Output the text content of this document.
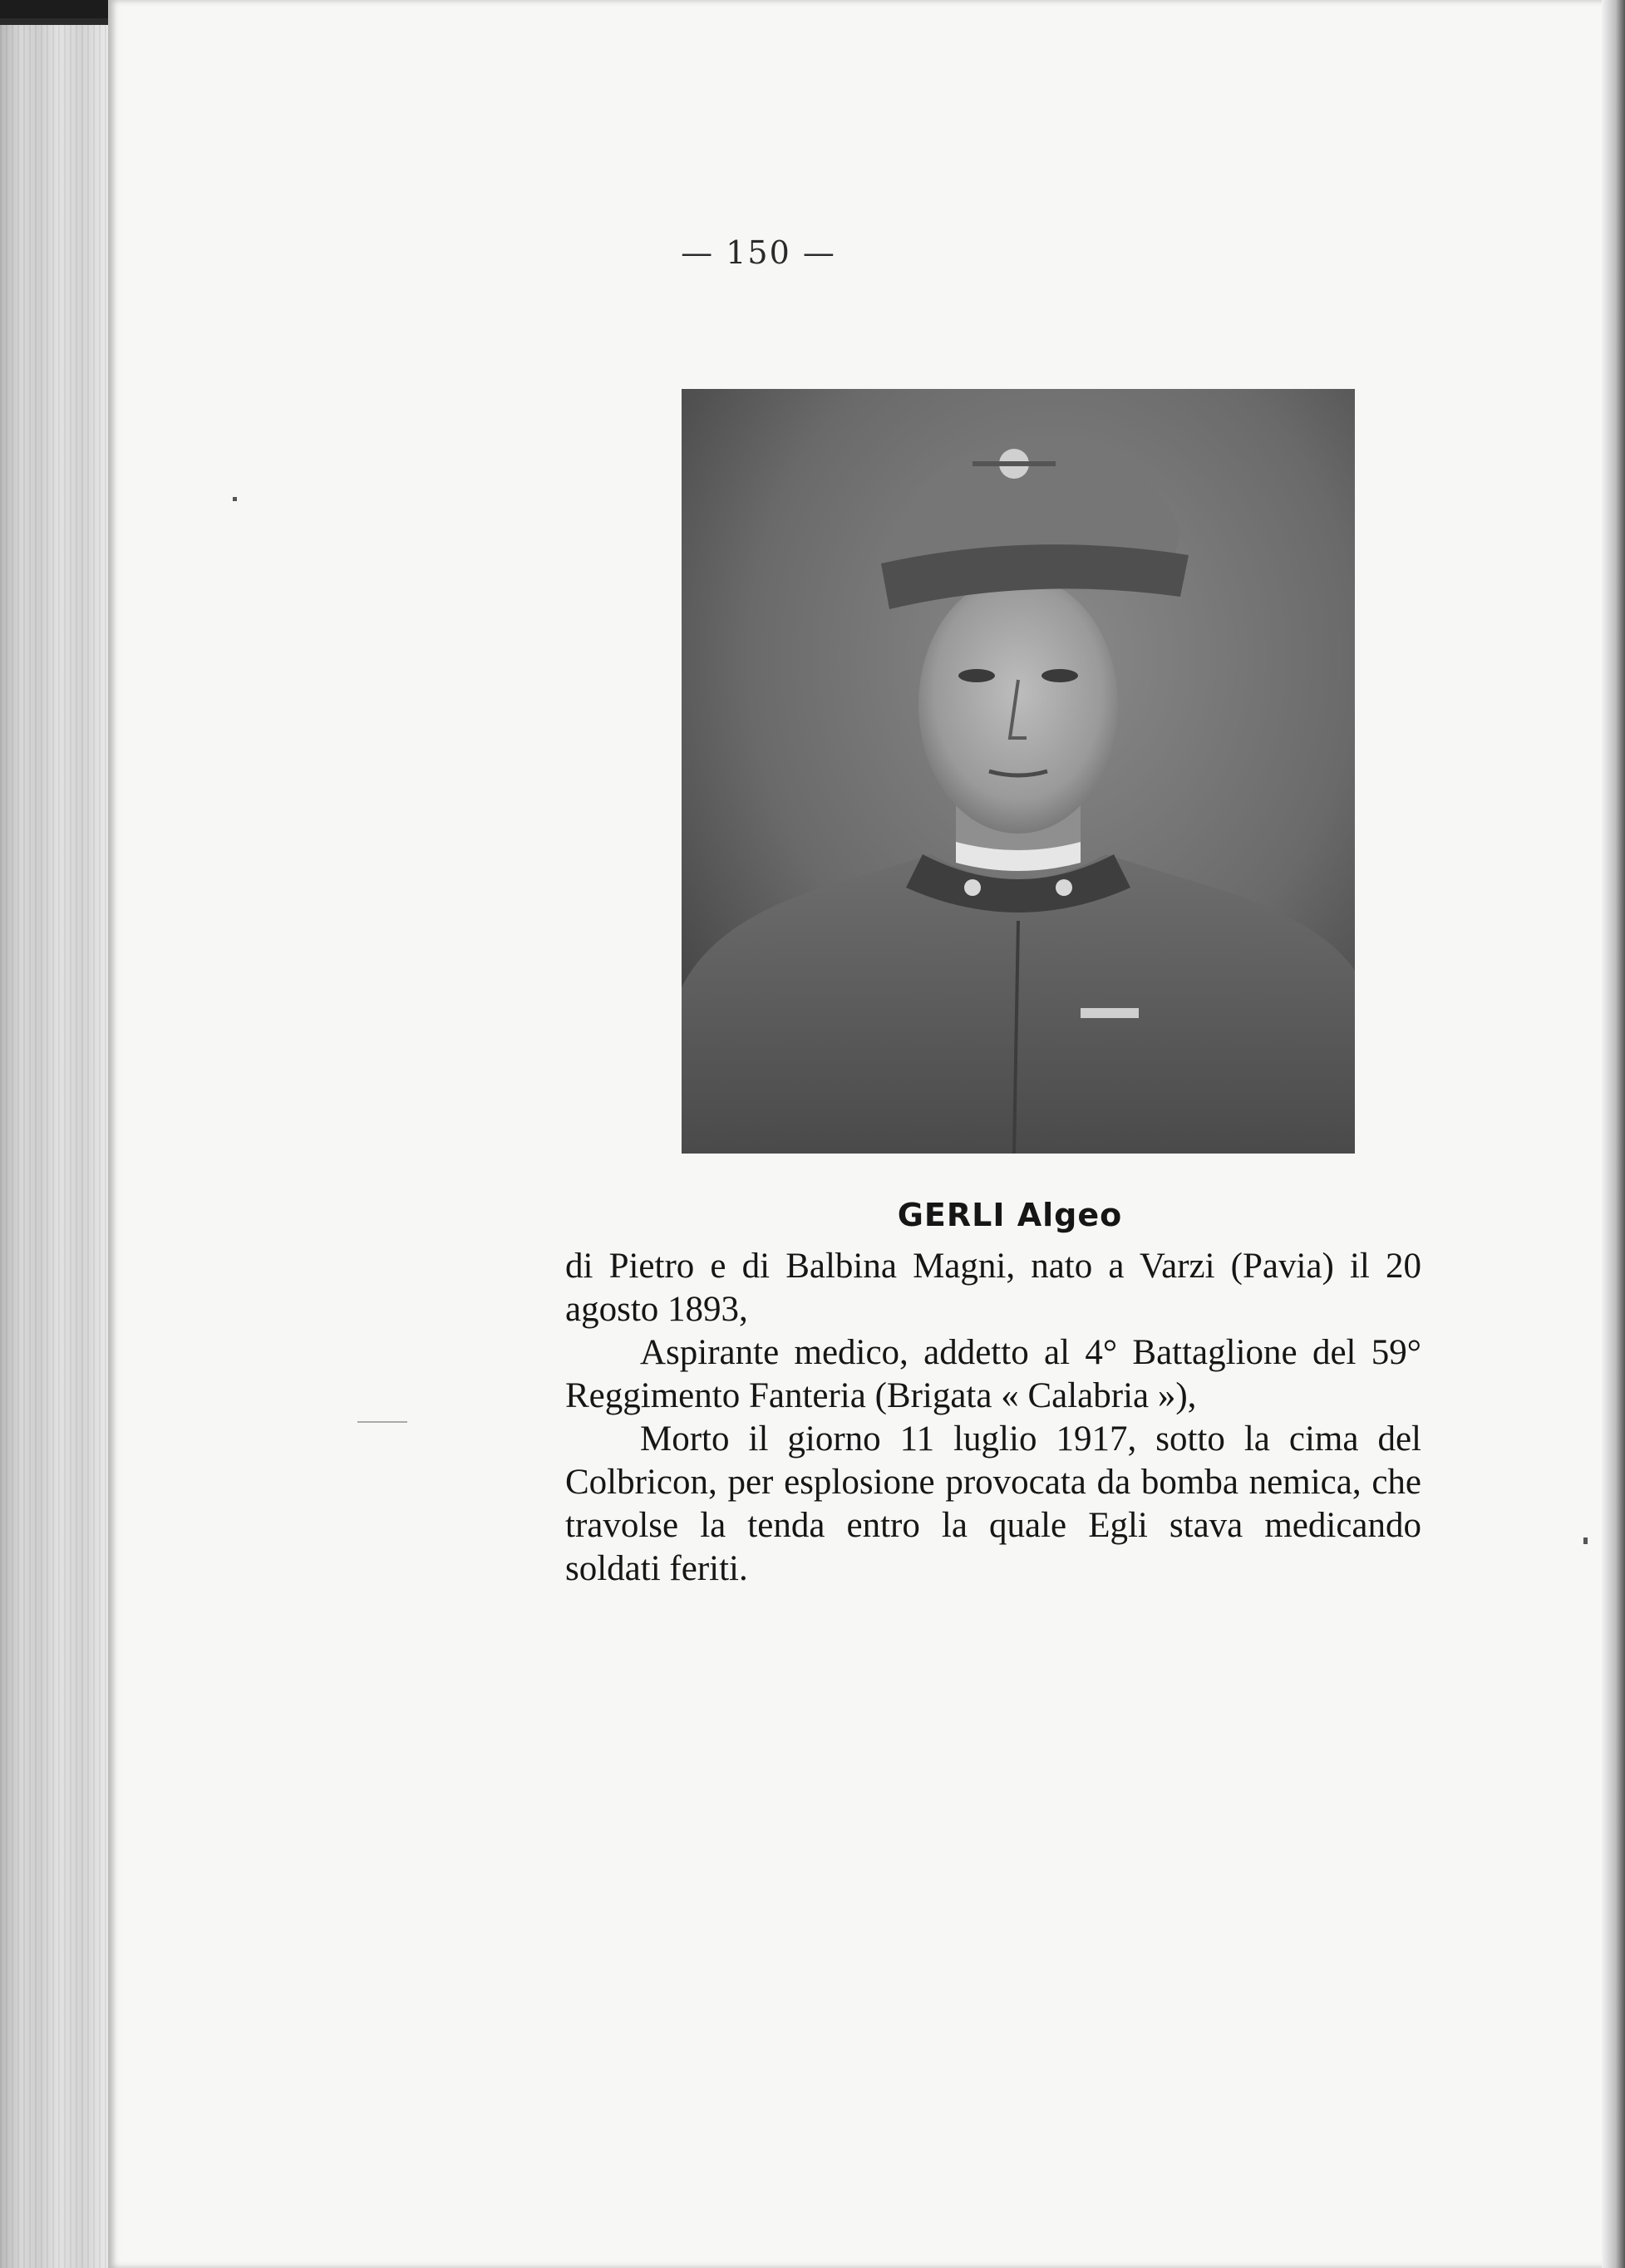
— 150 —
GERLI Algeo

di Pietro e di Balbina Magni, nato a Varzi (Pavia) il 20 agosto 1893,

Aspirante medico, addetto al 4° Battaglione del 59° Reggimento Fanteria (Brigata « Calabria »),

Morto il giorno 11 luglio 1917, sotto la cima del Colbricon, per esplosione provocata da bomba nemica, che travolse la tenda entro la quale Egli stava medicando soldati feriti.
